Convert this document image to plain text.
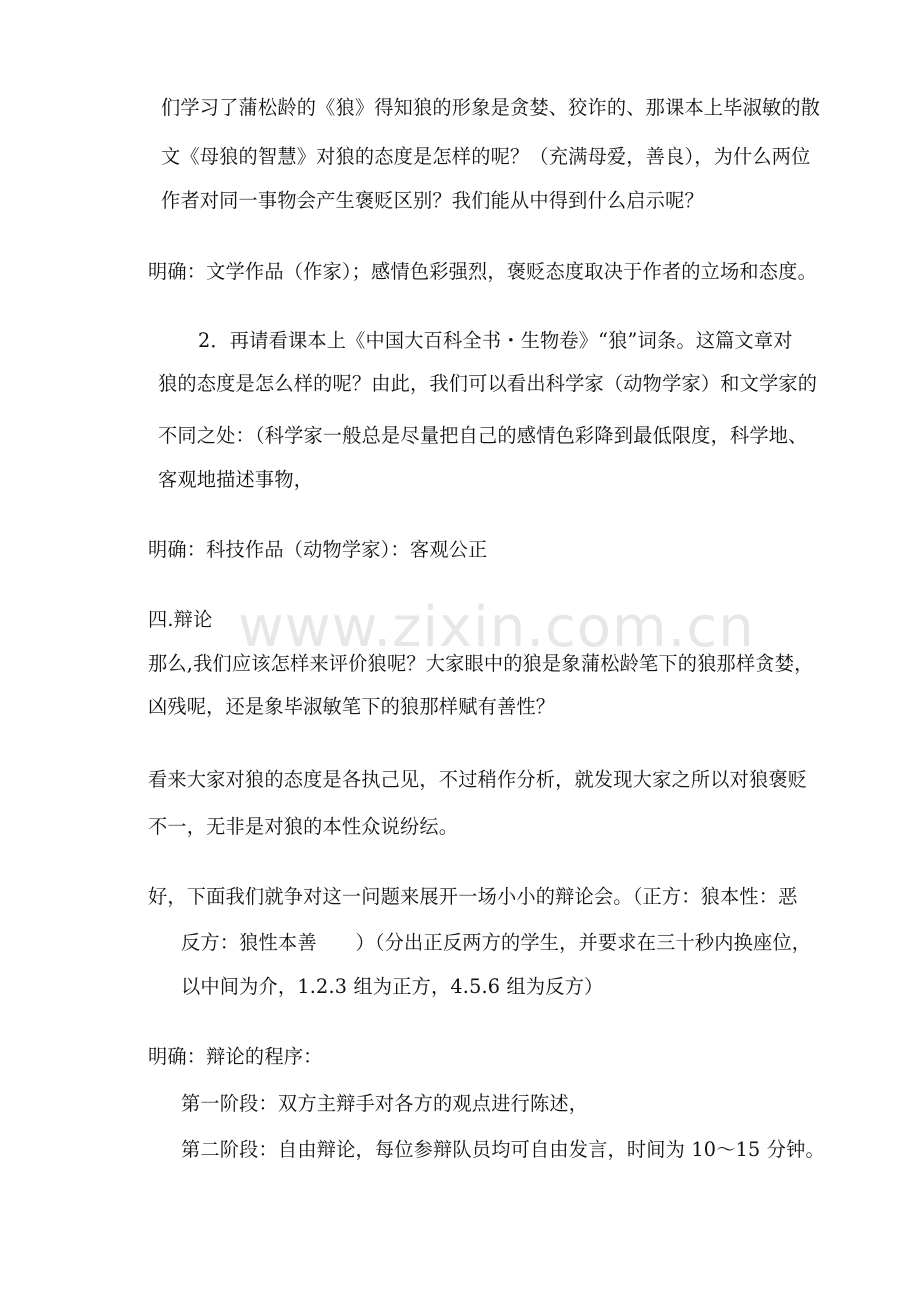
www.zixin.com.cn
们学习了蒲松龄的《狼》得知狼的形象是贪婪、狡诈的、那课本上毕淑敏的散
文《母狼的智慧》对狼的态度是怎样的呢？（充满母爱，善良），为什么两位
作者对同一事物会产生褒贬区别？我们能从中得到什么启示呢？
明确：文学作品（作家）；感情色彩强烈，褒贬态度取决于作者的立场和态度。
2．再请看课本上《中国大百科全书・生物卷》“狼”词条。这篇文章对
狼的态度是怎么样的呢？由此，我们可以看出科学家（动物学家）和文学家的
不同之处：（科学家一般总是尽量把自己的感情色彩降到最低限度，科学地、
客观地描述事物，
明确：科技作品（动物学家）：客观公正
四.辩论
那么,我们应该怎样来评价狼呢？大家眼中的狼是象蒲松龄笔下的狼那样贪婪，
凶残呢，还是象毕淑敏笔下的狼那样赋有善性？
看来大家对狼的态度是各执己见，不过稍作分析，就发现大家之所以对狼褒贬
不一，无非是对狼的本性众说纷纭。
好，下面我们就争对这一问题来展开一场小小的辩论会。（正方：狼本性：恶
反方：狼性本善　　）（分出正反两方的学生，并要求在三十秒内换座位，
以中间为介，1.2.3 组为正方，4.5.6 组为反方）
明确：辩论的程序：
第一阶段：双方主辩手对各方的观点进行陈述，
第二阶段：自由辩论，每位参辩队员均可自由发言，时间为 10～15 分钟。
